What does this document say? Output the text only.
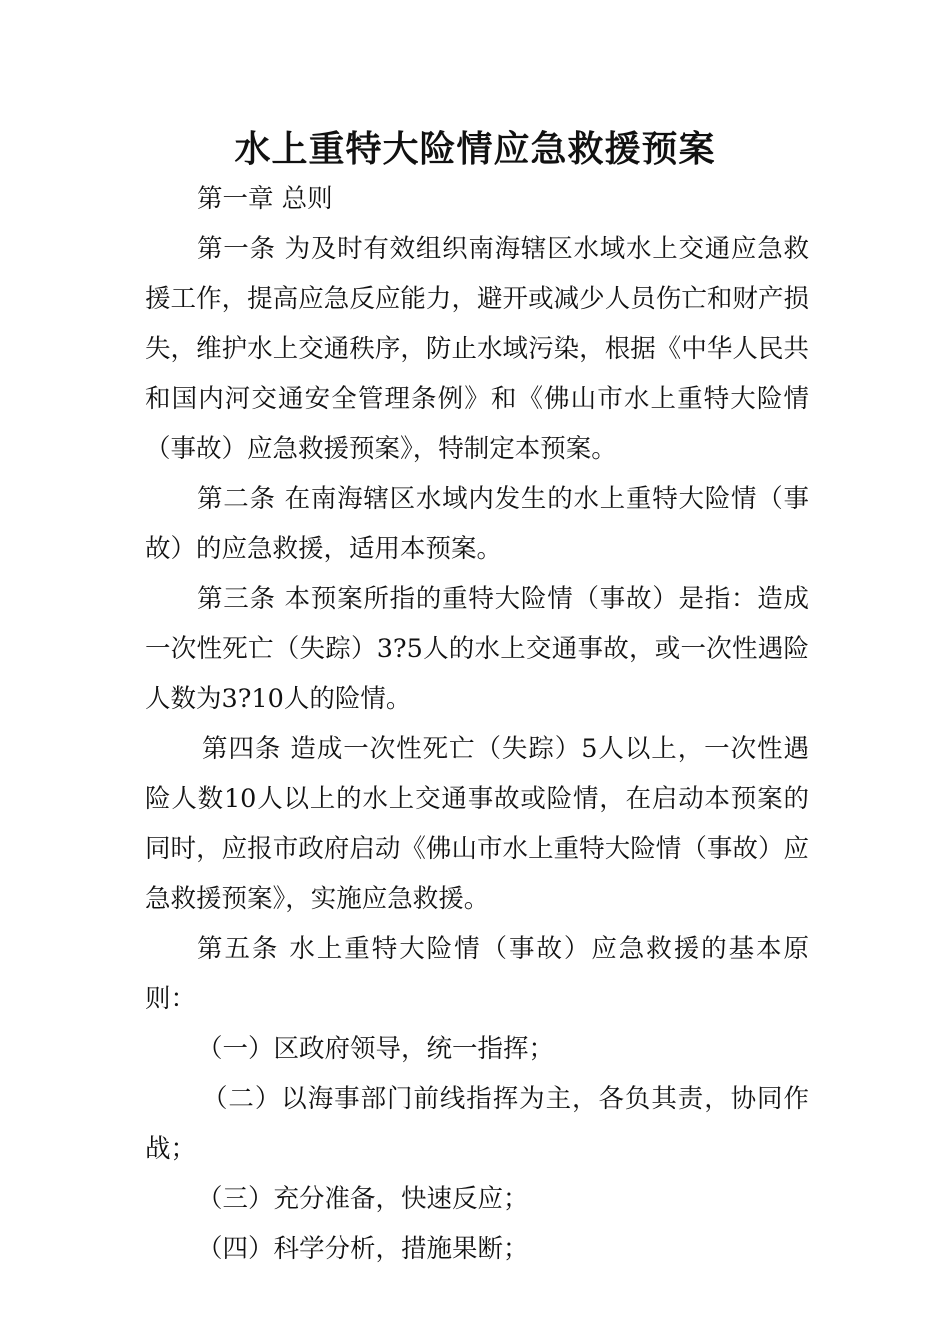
水上重特大险情应急救援预案

第一章 总则

第一条 为及时有效组织南海辖区水域水上交通应急救援工作，提高应急反应能力，避开或减少人员伤亡和财产损失，维护水上交通秩序，防止水域污染，根据《中华人民共和国内河交通安全管理条例》和《佛山市水上重特大险情（事故）应急救援预案》，特制定本预案。

第二条 在南海辖区水域内发生的水上重特大险情（事故）的应急救援，适用本预案。

第三条 本预案所指的重特大险情（事故）是指：造成一次性死亡（失踪）3?5人的水上交通事故，或一次性遇险人数为3?10人的险情。

第四条 造成一次性死亡（失踪）5人以上，一次性遇险人数10人以上的水上交通事故或险情，在启动本预案的同时，应报市政府启动《佛山市水上重特大险情（事故）应急救援预案》，实施应急救援。

第五条 水上重特大险情（事故）应急救援的基本原则：

（一）区政府领导，统一指挥；

（二）以海事部门前线指挥为主，各负其责，协同作战；

（三）充分准备，快速反应；

（四）科学分析，措施果断；
